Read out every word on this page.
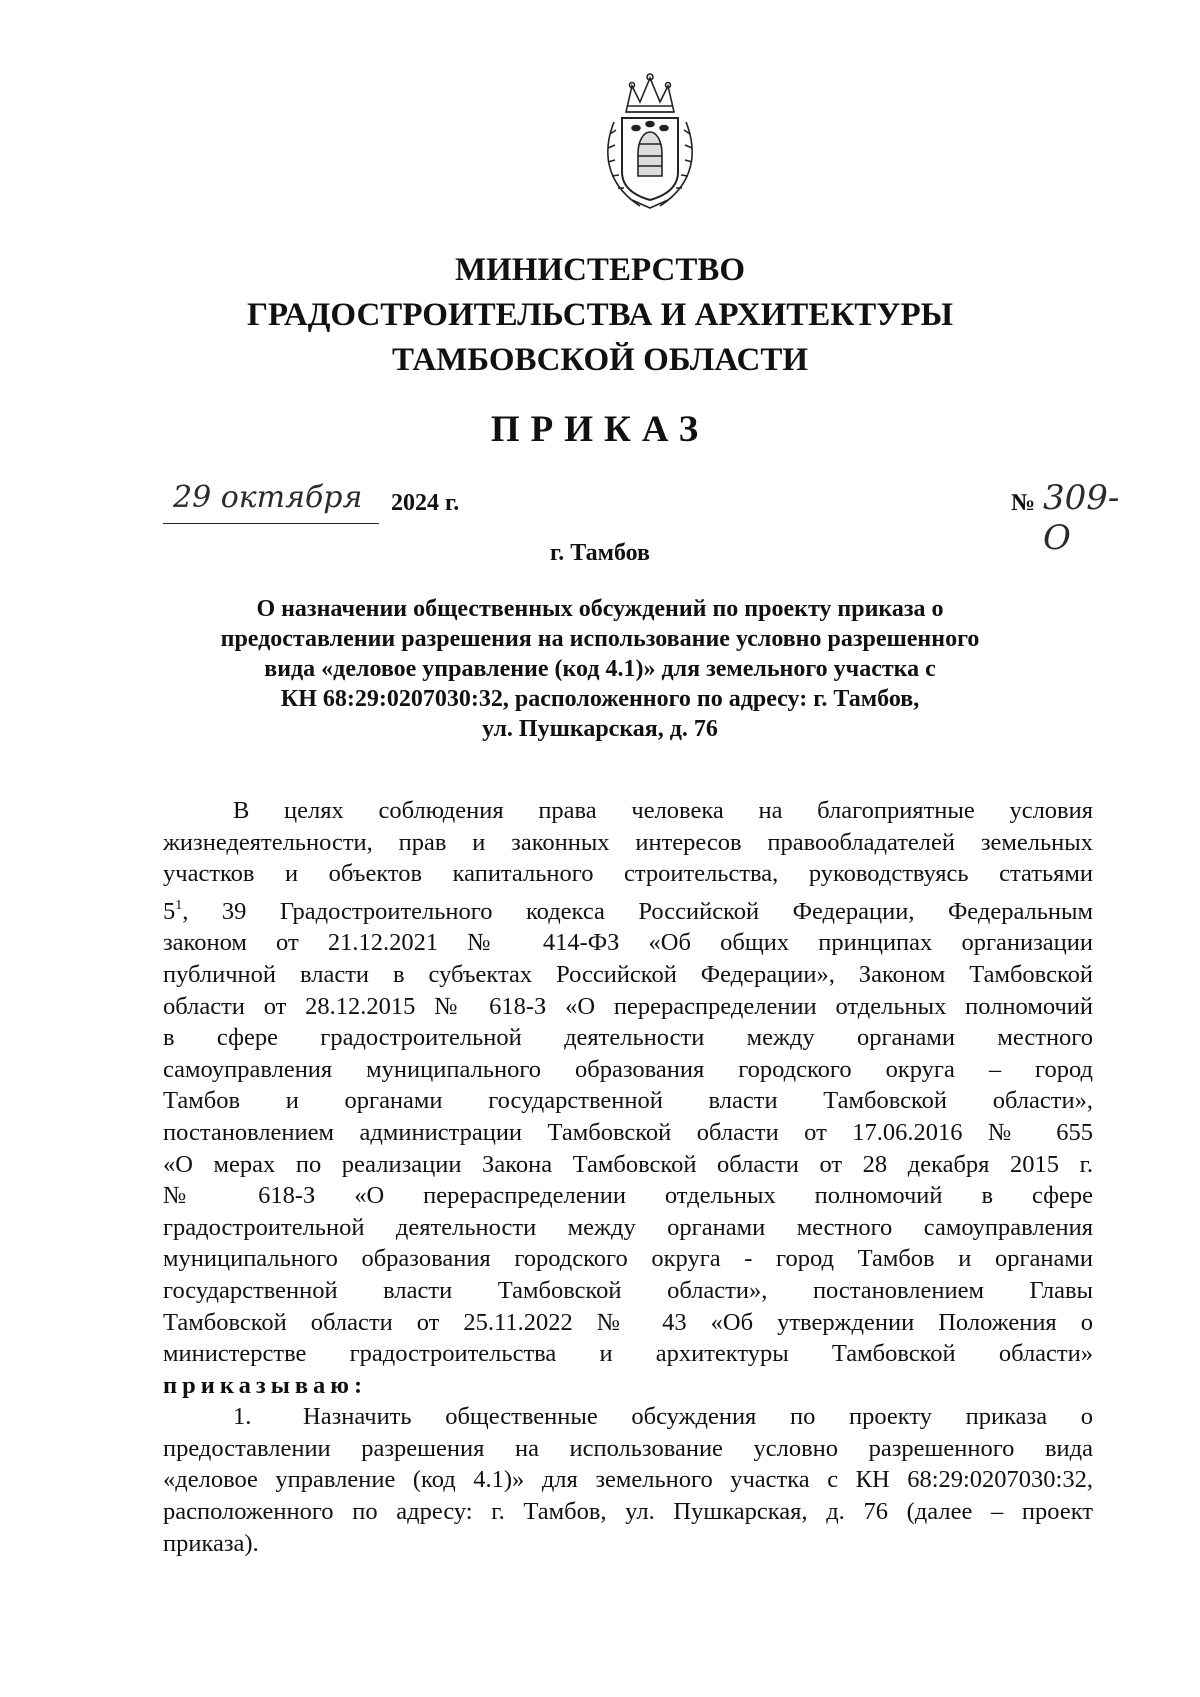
МИНИСТЕРСТВО
ГРАДОСТРОИТЕЛЬСТВА И АРХИТЕКТУРЫ
ТАМБОВСКОЙ ОБЛАСТИ
ПРИКАЗ
29 октября	2024 г.	№ 309-О
г. Тамбов
О назначении общественных обсуждений по проекту приказа о
предоставлении разрешения на использование условно разрешенного
вида «деловое управление (код 4.1)» для земельного участка с
КН 68:29:0207030:32, расположенного по адресу: г. Тамбов,
ул. Пушкарская, д. 76
В целях соблюдения права человека на благоприятные условия
жизнедеятельности, прав и законных интересов правообладателей земельных
участков и объектов капитального строительства, руководствуясь статьями
$5^1$, 39 Градостроительного кодекса Российской Федерации, Федеральным
законом от 21.12.2021 № 414-ФЗ «Об общих принципах организации
публичной власти в субъектах Российской Федерации», Законом Тамбовской
области от 28.12.2015 № 618-З «О перераспределении отдельных полномочий
в сфере градостроительной деятельности между органами местного
самоуправления муниципального образования городского округа – город
Тамбов и органами государственной власти Тамбовской области»,
постановлением администрации Тамбовской области от 17.06.2016 № 655
«О мерах по реализации Закона Тамбовской области от 28 декабря 2015 г.
№ 618-З «О перераспределении отдельных полномочий в сфере
градостроительной деятельности между органами местного самоуправления
муниципального образования городского округа - город Тамбов и органами
государственной власти Тамбовской области», постановлением Главы
Тамбовской области от 25.11.2022 № 43 «Об утверждении Положения о
министерстве градостроительства и архитектуры Тамбовской области»
приказываю:
1. Назначить общественные обсуждения по проекту приказа о
предоставлении разрешения на использование условно разрешенного вида
«деловое управление (код 4.1)» для земельного участка с КН 68:29:0207030:32,
расположенного по адресу: г. Тамбов, ул. Пушкарская, д. 76 (далее – проект
приказа).
